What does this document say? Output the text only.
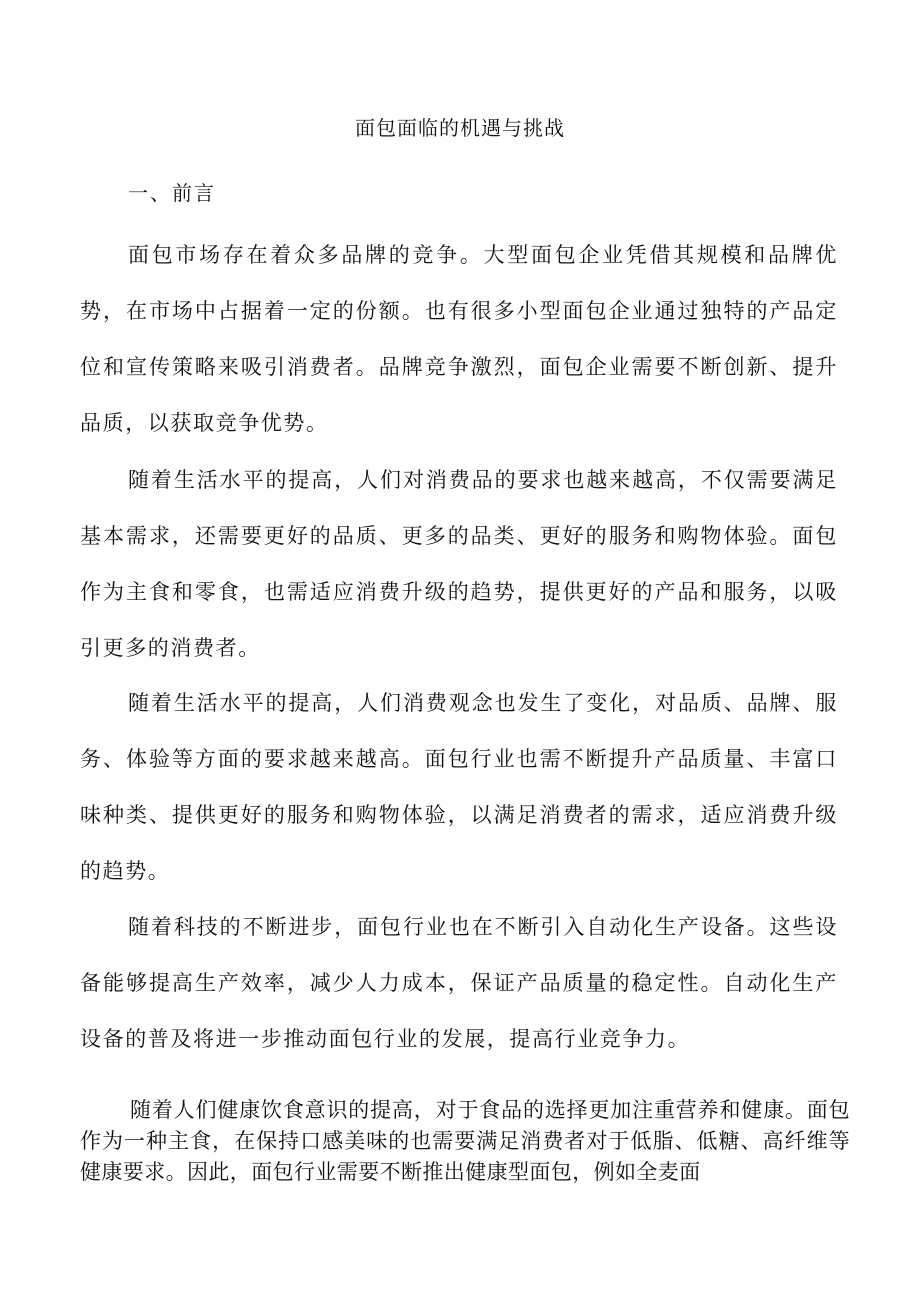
面包面临的机遇与挑战
一、前言

面包市场存在着众多品牌的竞争。大型面包企业凭借其规模和品牌优势，在市场中占据着一定的份额。也有很多小型面包企业通过独特的产品定位和宣传策略来吸引消费者。品牌竞争激烈，面包企业需要不断创新、提升品质，以获取竞争优势。

随着生活水平的提高，人们对消费品的要求也越来越高，不仅需要满足基本需求，还需要更好的品质、更多的品类、更好的服务和购物体验。面包作为主食和零食，也需适应消费升级的趋势，提供更好的产品和服务，以吸引更多的消费者。

随着生活水平的提高，人们消费观念也发生了变化，对品质、品牌、服务、体验等方面的要求越来越高。面包行业也需不断提升产品质量、丰富口味种类、提供更好的服务和购物体验，以满足消费者的需求，适应消费升级的趋势。

随着科技的不断进步，面包行业也在不断引入自动化生产设备。这些设备能够提高生产效率，减少人力成本，保证产品质量的稳定性。自动化生产设备的普及将进一步推动面包行业的发展，提高行业竞争力。

随着人们健康饮食意识的提高，对于食品的选择更加注重营养和健康。面包作为一种主食，在保持口感美味的也需要满足消费者对于低脂、低糖、高纤维等健康要求。因此，面包行业需要不断推出健康型面包，例如全麦面
